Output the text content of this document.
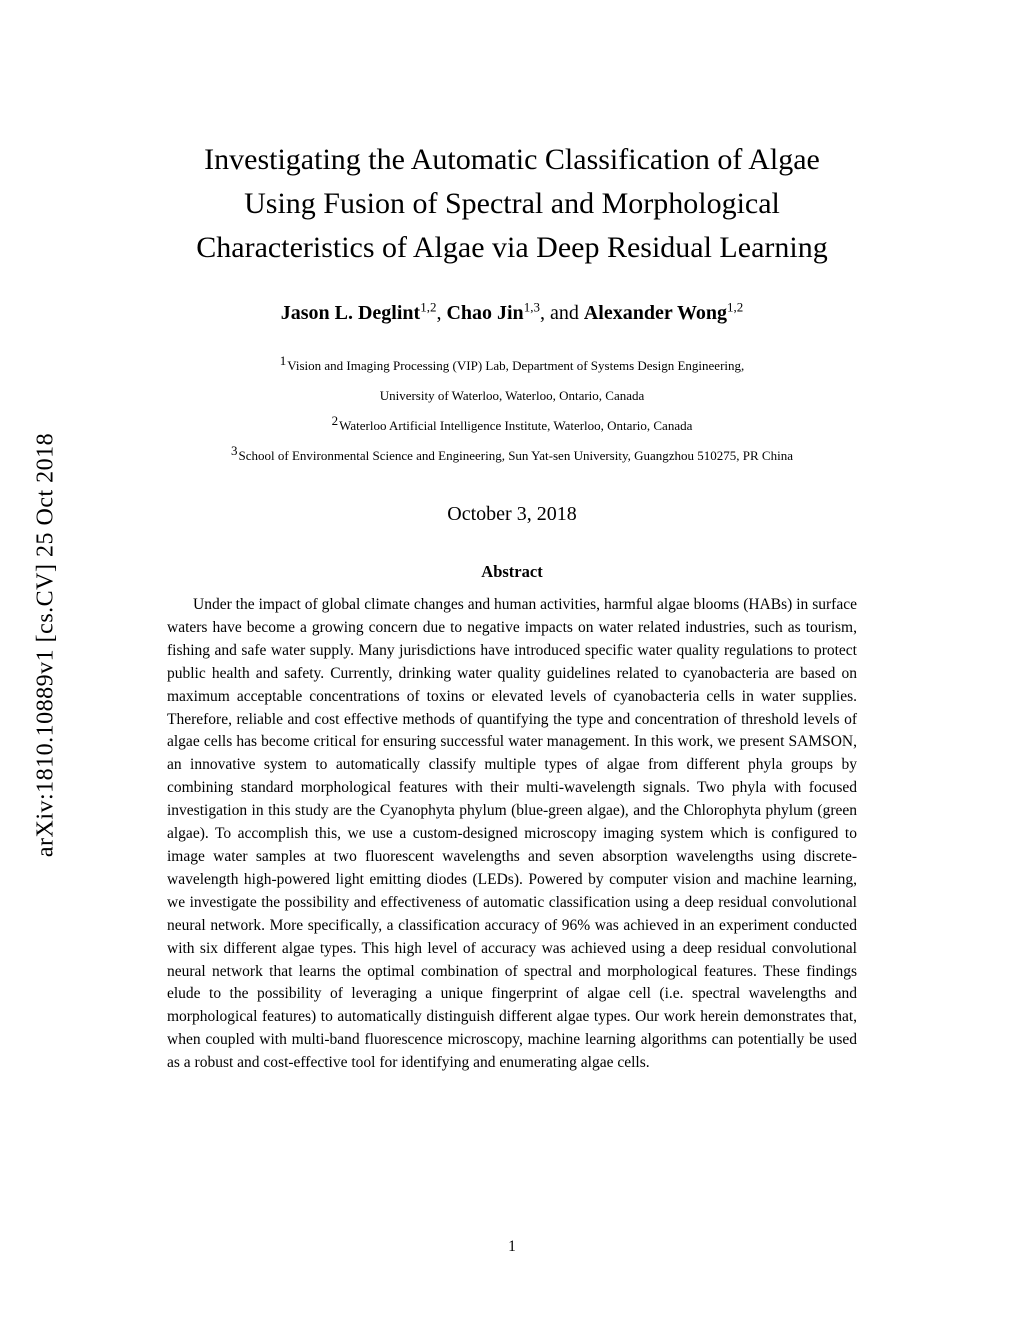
arXiv:1810.10889v1 [cs.CV] 25 Oct 2018
Investigating the Automatic Classification of Algae
Using Fusion of Spectral and Morphological
Characteristics of Algae via Deep Residual Learning
Jason L. Deglint$^{1,2}$, Chao Jin$^{1,3}$, and Alexander Wong$^{1,2}$
$^1$Vision and Imaging Processing (VIP) Lab, Department of Systems Design Engineering,
University of Waterloo, Waterloo, Ontario, Canada
$^2$Waterloo Artificial Intelligence Institute, Waterloo, Ontario, Canada
$^3$School of Environmental Science and Engineering, Sun Yat-sen University, Guangzhou 510275, PR China
October 3, 2018
Abstract

Under the impact of global climate changes and human activities, harmful algae blooms (HABs) in surface waters have become a growing concern due to negative impacts on water related industries, such as tourism, fishing and safe water supply. Many jurisdictions have introduced specific water quality regulations to protect public health and safety. Currently, drinking water quality guidelines related to cyanobacteria are based on maximum acceptable concentrations of toxins or elevated levels of cyanobacteria cells in water supplies. Therefore, reliable and cost effective methods of quantifying the type and concentration of threshold levels of algae cells has become critical for ensuring successful water management. In this work, we present SAMSON, an innovative system to automatically classify multiple types of algae from different phyla groups by combining standard morphological features with their multi-wavelength signals. Two phyla with focused investigation in this study are the Cyanophyta phylum (blue-green algae), and the Chlorophyta phylum (green algae). To accomplish this, we use a custom-designed microscopy imaging system which is configured to image water samples at two fluorescent wavelengths and seven absorption wavelengths using discrete-wavelength high-powered light emitting diodes (LEDs). Powered by computer vision and machine learning, we investigate the possibility and effectiveness of automatic classification using a deep residual convolutional neural network. More specifically, a classification accuracy of 96% was achieved in an experiment conducted with six different algae types. This high level of accuracy was achieved using a deep residual convolutional neural network that learns the optimal combination of spectral and morphological features. These findings elude to the possibility of leveraging a unique fingerprint of algae cell (i.e. spectral wavelengths and morphological features) to automatically distinguish different algae types. Our work herein demonstrates that, when coupled with multi-band fluorescence microscopy, machine learning algorithms can potentially be used as a robust and cost-effective tool for identifying and enumerating algae cells.

1
